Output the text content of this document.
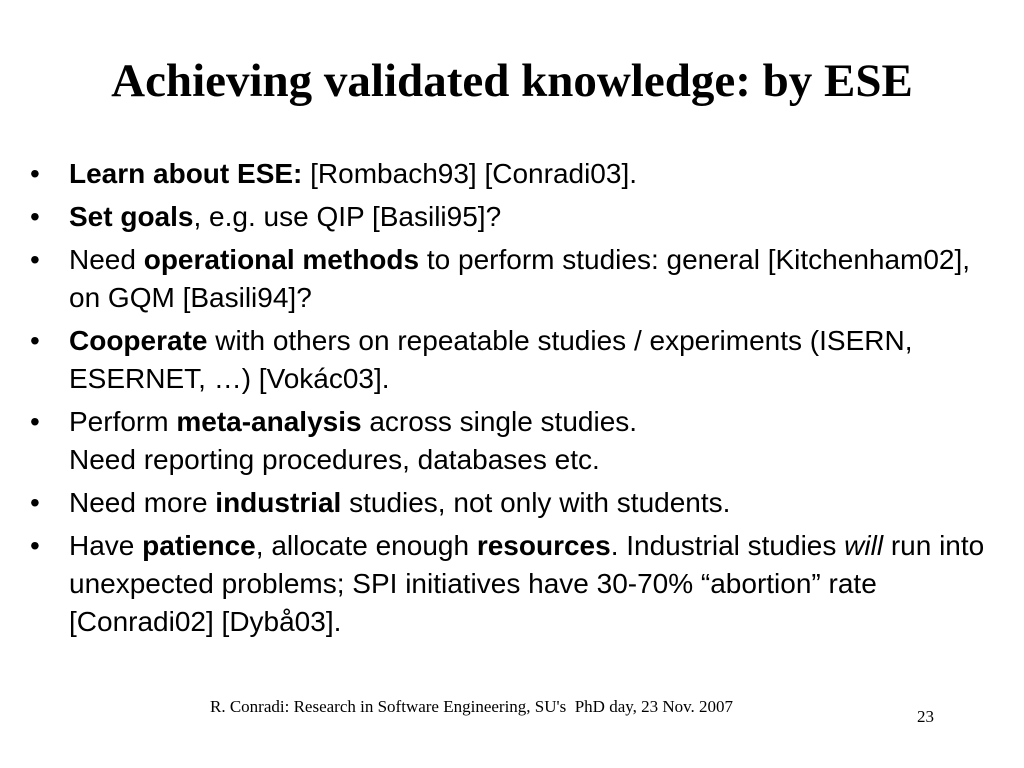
Achieving validated knowledge: by ESE
•	Learn about ESE: [Rombach93] [Conradi03].
•	Set goals, e.g. use QIP [Basili95]?
•	Need operational methods to perform studies: general [Kitchenham02], on GQM [Basili94]?
•	Cooperate with others on repeatable studies / experiments (ISERN, ESERNET, …) [Vokác03].
•	Perform meta-analysis across single studies.
Need reporting procedures, databases etc.
•	Need more industrial studies, not only with students.
•	Have patience, allocate enough resources. Industrial studies will run into unexpected problems; SPI initiatives have 30-70% “abortion” rate [Conradi02] [Dybå03].
R. Conradi: Research in Software Engineering, SU's  PhD day, 23 Nov. 2007
23
